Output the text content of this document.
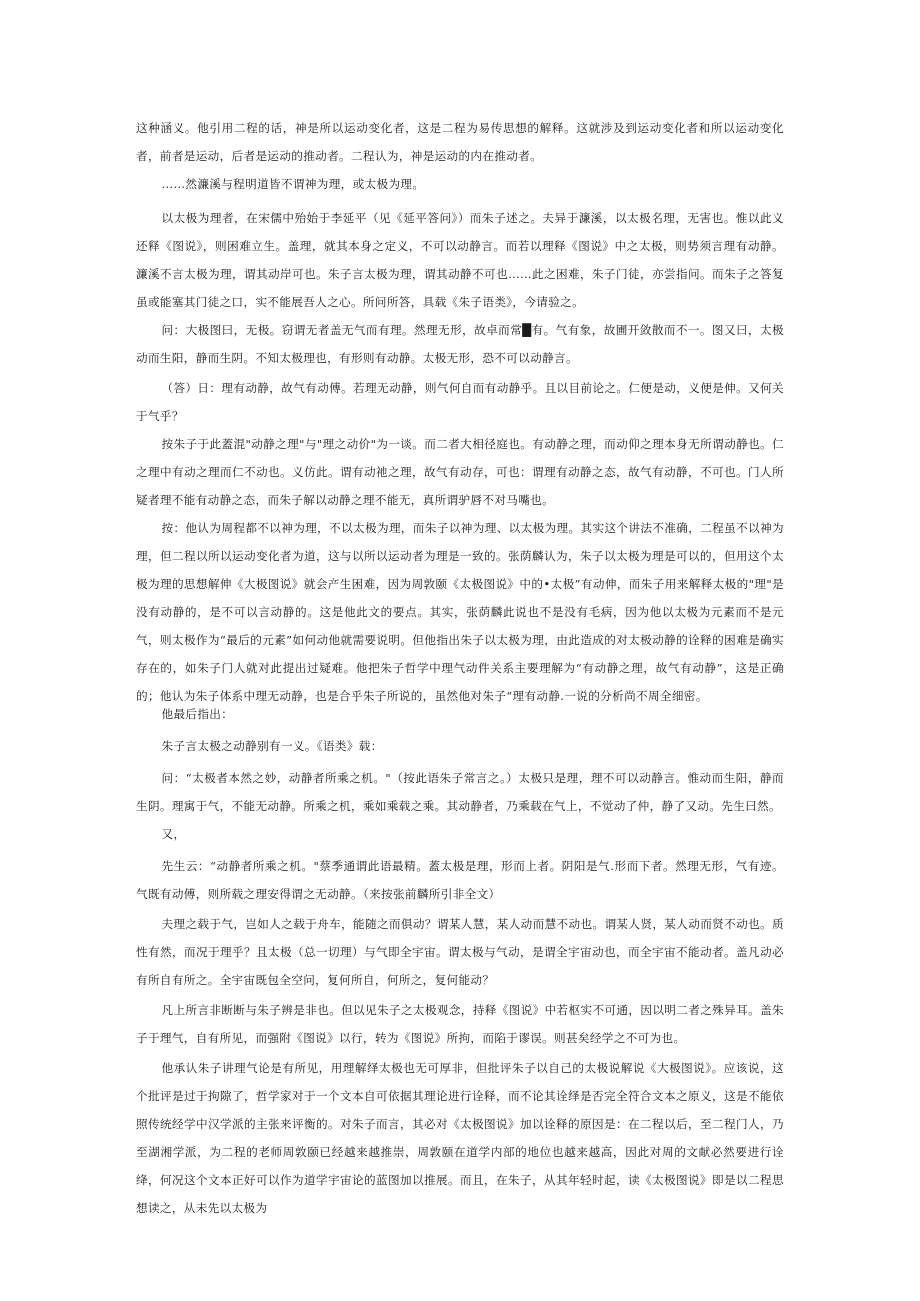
这种涵义。他引用二程的话，神是所以运动变化者，这是二程为易传思想的解释。这就涉及到运动变化者和所以运动变化者，前者是运动，后者是运动的推动者。二程认为，神是运动的内在推动者。

……然濂溪与程明道皆不谓神为理，或太极为理。

以太极为理者，在宋儒中殆始于李延平（见《延平答问》）而朱子述之。夫异于濂溪，以太极名理，无害也。惟以此义还释《图说》，则困难立生。盖理，就其本身之定义，不可以动静言。而若以理释《图说》中之太极，则势须言理有动静。濂溪不言太极为理，谓其动岸可也。朱子言太极为理，谓其动静不可也……此之困难，朱子门徒，亦尝指问。而朱子之答复虽或能塞其门徒之口，实不能展吾人之心。所问所答，具载《朱子语类》，今请验之。

问：大极图曰，无极。窃谓无者盖无气而有理。然理无形，故卓而常█有。气有象，故圃开敛散而不一。图又曰，太极动而生阳，静而生阴。不知太极理也，有形则有动静。太极无形，恐不可以动静言。

（答）日：理有动静，故气有动傅。若理无动静，则气何自而有动静乎。且以目前论之。仁便是动，义便是伸。又何关于气乎？

按朱子于此蓋混"动静之理"与"理之动价"为一谈。而二者大相径庭也。有动静之理，而动仰之理本身无所谓动静也。仁之理中有动之理而仁不动也。义仿此。谓有动祂之理，故气有动存，可也：谓理有动静之态，故气有动静，不可也。门人所疑者理不能有动静之态，而朱子解以动静之理不能无，真所谓驴唇不对马嘴也。

按：他认为周程都不以神为理，不以太极为理，而朱子以神为理、以太极为理。其实这个讲法不准确，二程虽不以神为理，但二程以所以运动变化者为道，这与以所以运动者为理是一致的。张荫麟认为，朱子以太极为理是可以的，但用这个太极为理的思想解伸《大极图说》就会产生困难，因为周敦颐《太极图说》中的•太极”有动伸，而朱子用来解释太极的"理"是没有动静的，是不可以言动静的。这是他此文的要点。其实，张荫麟此说也不是没有毛病，因为他以太极为元素而不是元气，则太极作为“最后的元素”如何动他就需要说明。但他指出朱子以太极为理，由此造成的对太极动静的诠释的困难是确实存在的，如朱子门人就对此提出过疑难。他把朱子哲学中理气动件关系主要理解为“有动静之理，故气有动静”，这是正确的；他认为朱子体系中理无动静，也是合乎朱子所说的，虽然他对朱子“理有动静.一说的分析尚不周全细密。

他最后指出：

朱子言太极之动静别有一义。《语类》载：

问：“太极者本然之妙，动静者所乘之机。"（按此语朱子常言之。）太极只是理，理不可以动静言。惟动而生阳，静而生阴。理寓于气，不能无动静。所乘之机，乘如乘载之乘。其动静者，乃乘载在气上，不觉动了仲，静了又动。先生曰然。

又，

先生云：“动静者所乘之机。"蔡季通谓此语最精。蓋太极是理，形而上者。阴阳是气.形而下者。然理无形，气有迹。气既有动傅，则所载之理安得谓之无动静。（来按张前麟所引非全文）

夫理之载于气，岂如人之载于舟车，能随之而俱动？谓某人慧，某人动而慧不动也。谓某人贤，某人动而贤不动也。质性有然，而况于理乎？且太极（总一切理）与气即全宇宙。谓太极与气动，是谓全宇宙动也，而全宇宙不能动者。盖凡动必有所自有所之。全宇宙既包全空问，复何所自，何所之，复何能动？

凡上所言非断断与朱子辨是非也。但以见朱子之太极观念，持释《图说》中若枢实不可通，因以明二者之殊异耳。盖朱子于理气，自有所见，而强附《图说》以行，转为《图说》所拘，而陷于谬误。则甚矣经学之不可为也。

他承认朱子讲理气论是有所见，用理解绎太极也无可厚非，但批评朱子以自己的太极说解说《大极图说》。应该说，这个批评是过于拘隙了，哲学家对于一个文本自可依据其理论进行诠释，而不论其诠绎是否完全符合文本之原义，这是不能依照传统经学中汉学派的主张来评衡的。对朱子而言，其必对《太极图说》加以诠释的原因是：在二程以后，至二程门人，乃至湖湘学派，为二程的老师周敦颐已经越来越推崇，周敦颐在道学内部的地位也越来越高，因此对周的文献必然要进行诠绛，何况这个文本正好可以作为道学宇宙论的蓝图加以推展。而且，在朱子，从其年轻时起，读《太极图说》即是以二程思想读之，从未先以太极为
